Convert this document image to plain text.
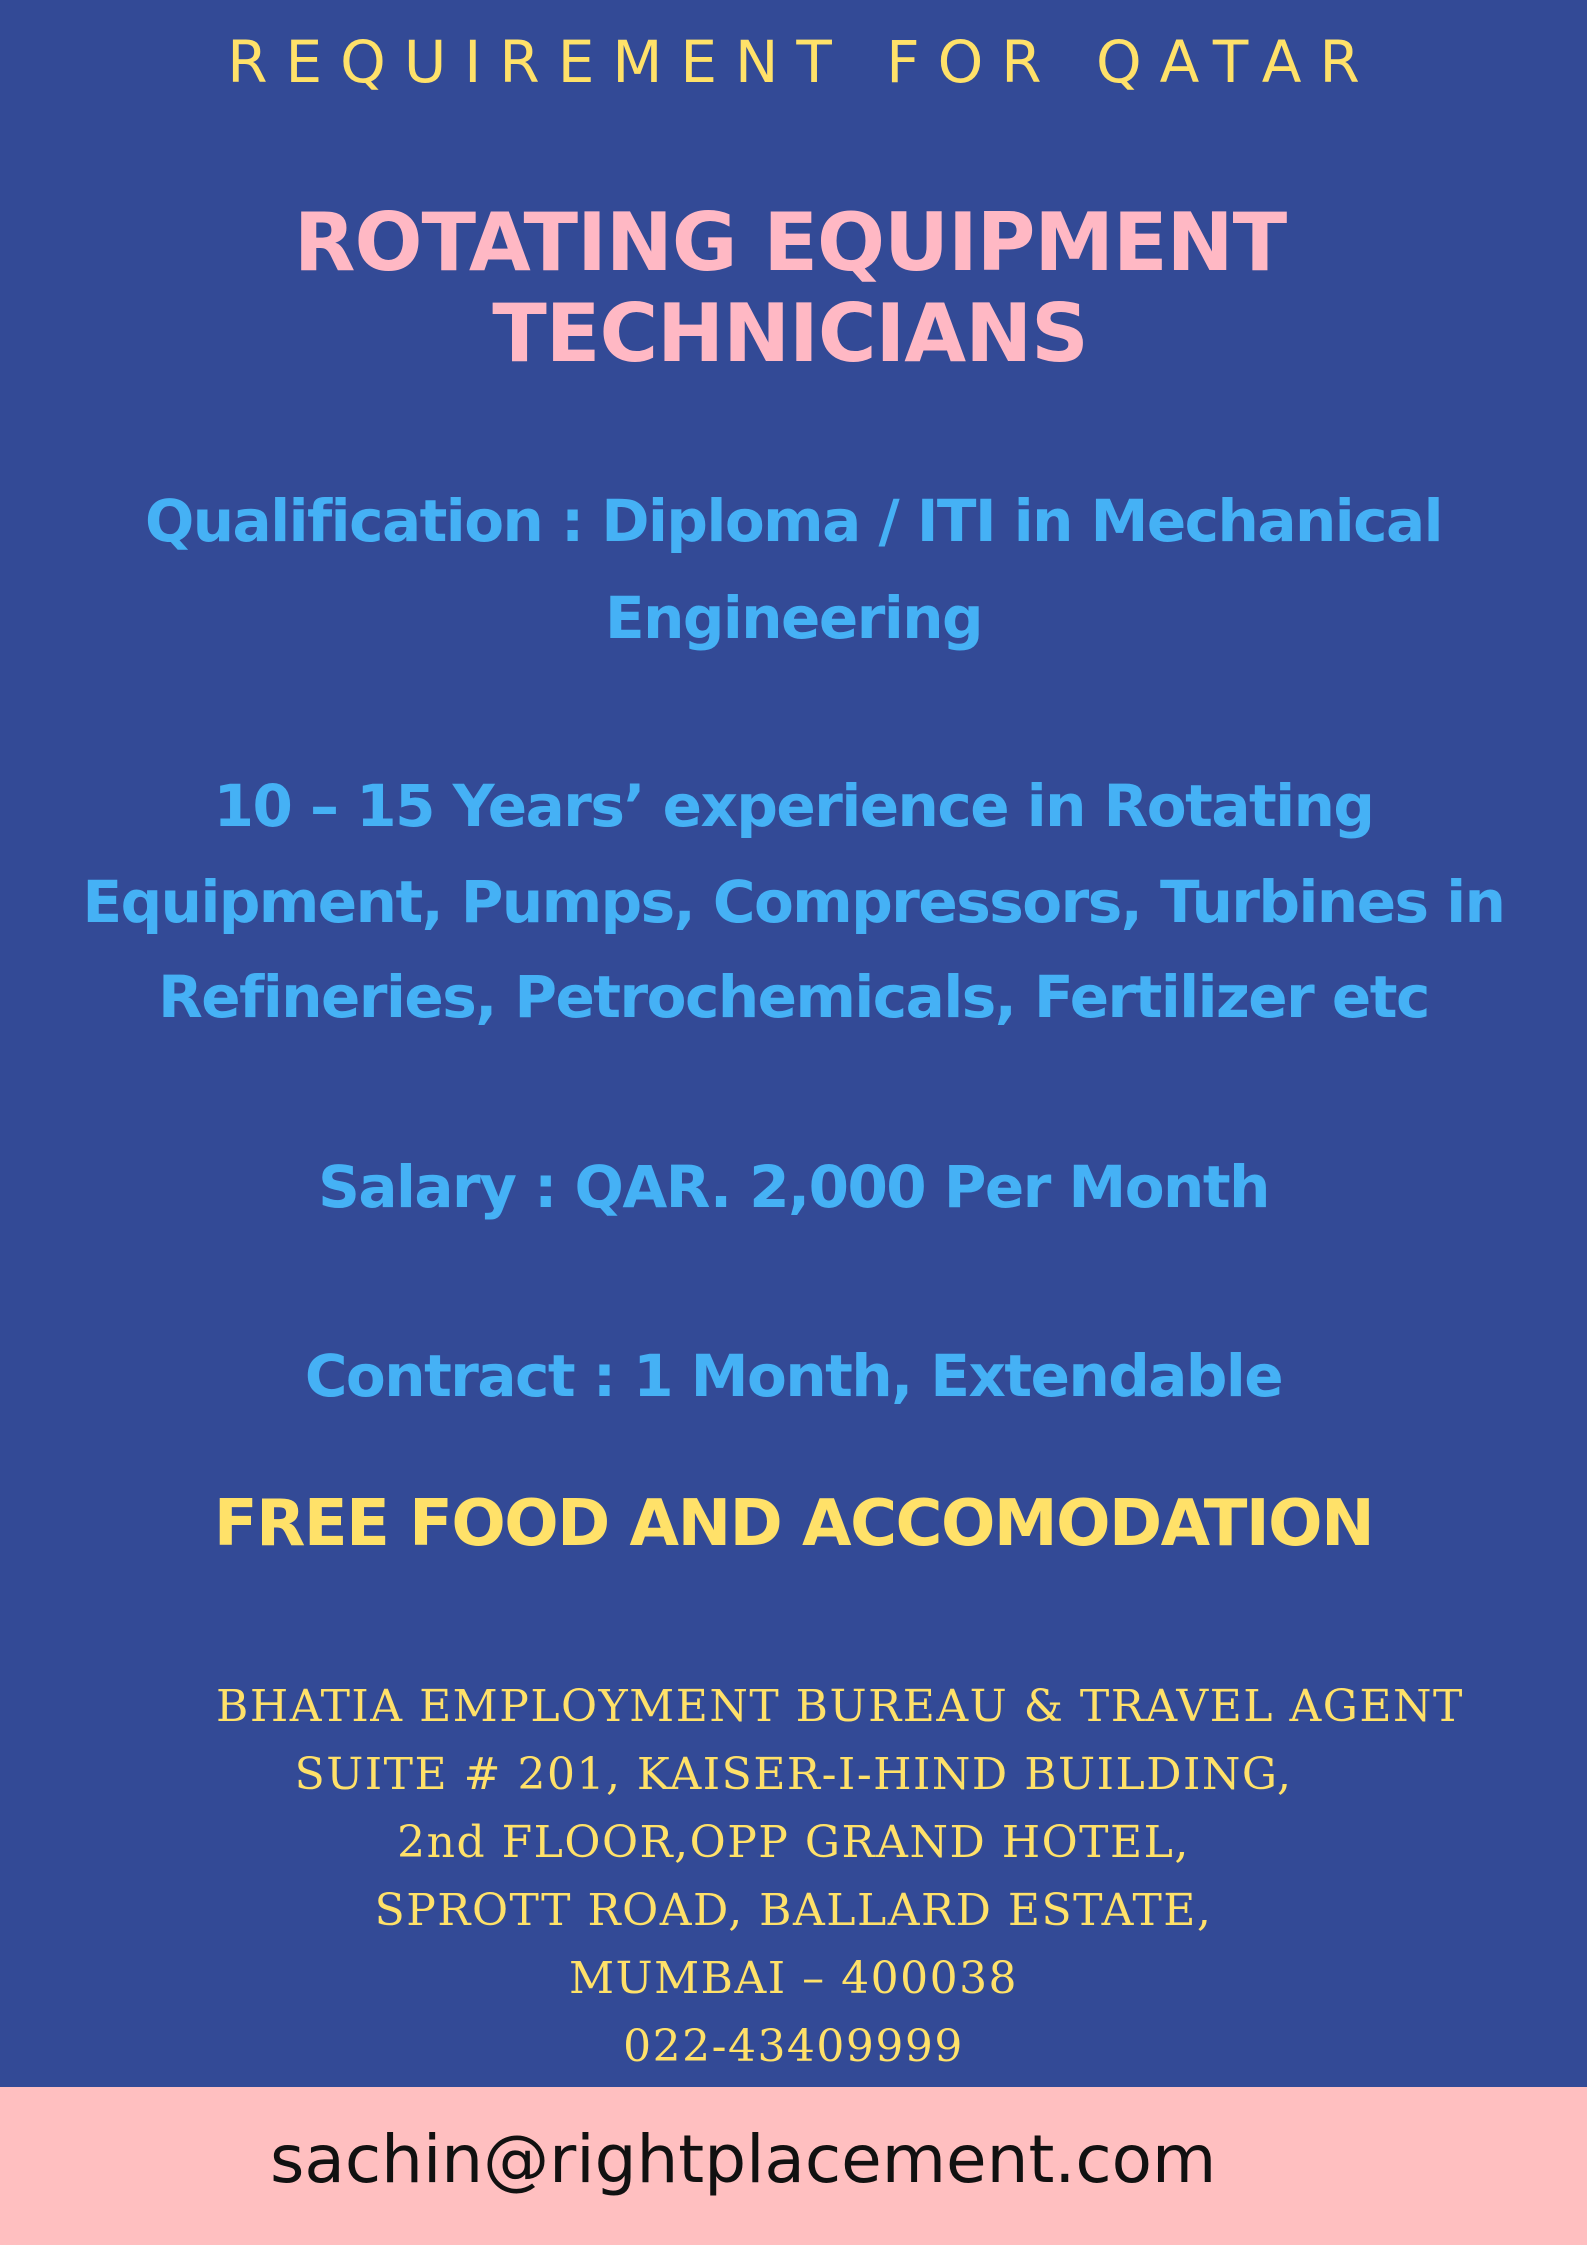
REQUIREMENT FOR QATAR
ROTATING EQUIPMENT
TECHNICIANS
Qualification : Diploma / ITI in Mechanical
Engineering
10 – 15 Years’ experience in Rotating
Equipment, Pumps, Compressors, Turbines in
Refineries, Petrochemicals, Fertilizer etc
Salary : QAR. 2,000 Per Month
Contract : 1 Month, Extendable
FREE FOOD AND ACCOMODATION
BHATIA EMPLOYMENT BUREAU & TRAVEL AGENT
SUITE # 201, KAISER-I-HIND BUILDING,
2nd FLOOR,OPP GRAND HOTEL,
SPROTT ROAD, BALLARD ESTATE,
MUMBAI – 400038
022-43409999
sachin@rightplacement.com
